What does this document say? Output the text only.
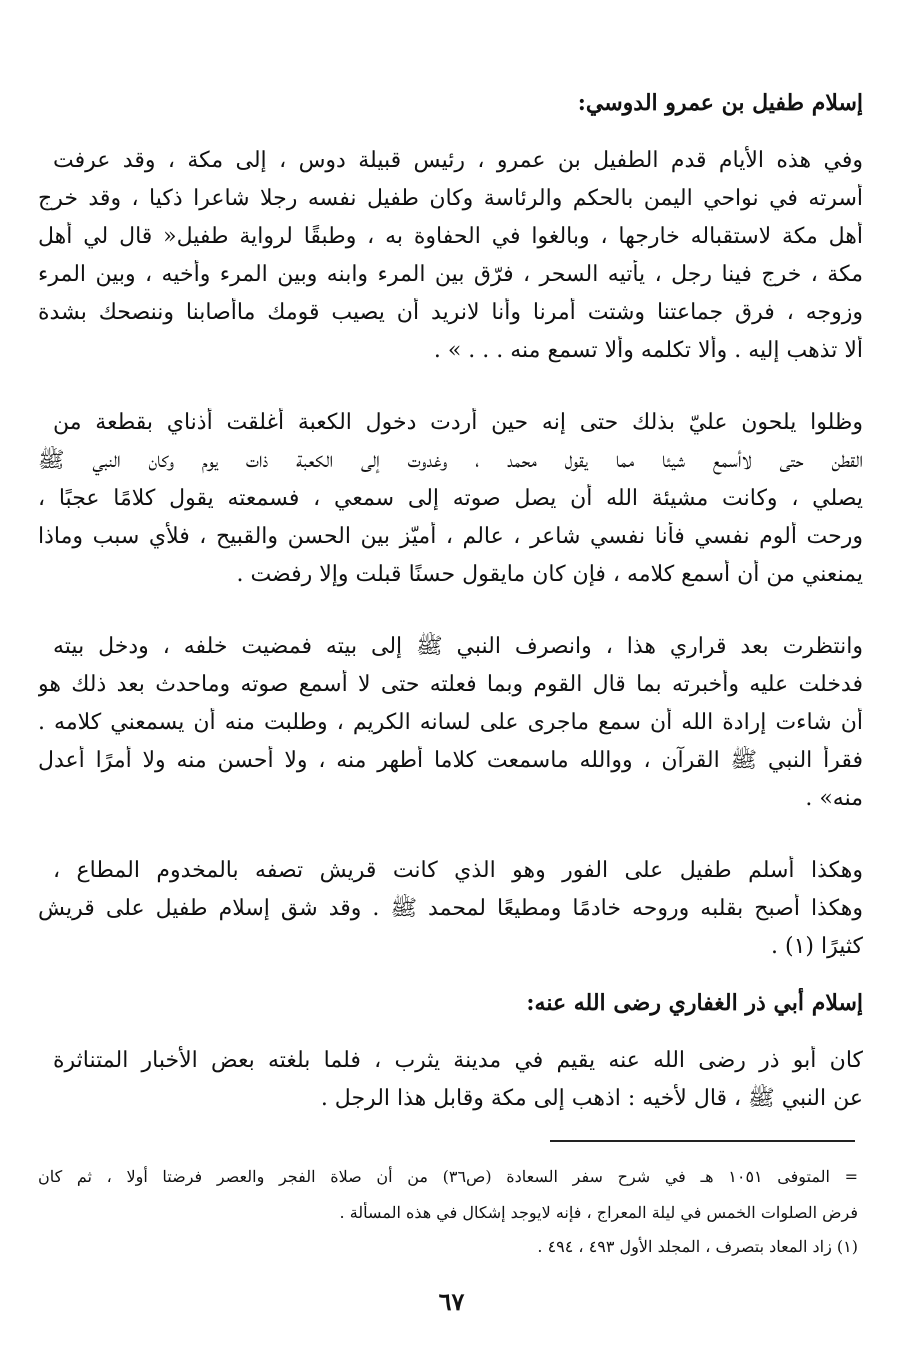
إسلام طفيل بن عمرو الدوسي:
وفي هذه الأيام قدم الطفيل بن عمرو ، رئيس قبيلة دوس ، إلى مكة ، وقد عرفت
أسرته في نواحي اليمن بالحكم والرئاسة وكان طفيل نفسه رجلا شاعرا ذكيا ، وقد خرج
أهل مكة لاستقباله خارجها ، وبالغوا في الحفاوة به ، وطبقًا لرواية طفيل« قال لي أهل
مكة ، خرج فينا رجل ، يأتيه السحر ، فرّق بين المرء وابنه وبين المرء وأخيه ، وبين المرء
وزوجه ، فرق جماعتنا وشتت أمرنا وأنا لانريد أن يصيب قومك ماأصابنا وننصحك بشدة
ألا تذهب إليه . وألا تكلمه وألا تسمع منه . . . » .
وظلوا يلحون عليّ بذلك حتى إنه حين أردت دخول الكعبة أغلقت أذناي بقطعة من
القطن حتى لاأسمع شيئا مما يقول محمد ، وغدوت إلى الكعبة ذات يوم وكان النبي ﷺ
يصلي ، وكانت مشيئة الله أن يصل صوته إلى سمعي ، فسمعته يقول كلامًا عجبًا ،
ورحت ألوم نفسي فأنا نفسي شاعر ، عالم ، أميّز بين الحسن والقبيح ، فلأي سبب وماذا
يمنعني من أن أسمع كلامه ، فإن كان مايقول حسنًا قبلت وإلا رفضت .
وانتظرت بعد قراري هذا ، وانصرف النبي ﷺ إلى بيته فمضيت خلفه ، ودخل بيته
فدخلت عليه وأخبرته بما قال القوم وبما فعلته حتى لا أسمع صوته وماحدث بعد ذلك هو
أن شاءت إرادة الله أن سمع ماجرى على لسانه الكريم ، وطلبت منه أن يسمعني كلامه .
فقرأ النبي ﷺ القرآن ، ووالله ماسمعت كلاما أطهر منه ، ولا أحسن منه ولا أمرًا أعدل
منه» .
وهكذا أسلم طفيل على الفور وهو الذي كانت قريش تصفه بالمخدوم المطاع ،
وهكذا أصبح بقلبه وروحه خادمًا ومطيعًا لمحمد ﷺ . وقد شق إسلام طفيل على قريش
كثيرًا (١) .
إسلام أبي ذر الغفاري رضى الله عنه:
كان أبو ذر رضى الله عنه يقيم في مدينة يثرب ، فلما بلغته بعض الأخبار المتناثرة
عن النبي ﷺ ، قال لأخيه : اذهب إلى مكة وقابل هذا الرجل .
= المتوفى ١٠٥١ هـ في شرح سفر السعادة (ص٣٦) من أن صلاة الفجر والعصر فرضتا أولا ، ثم كان
فرض الصلوات الخمس في ليلة المعراج ، فإنه لايوجد إشكال في هذه المسألة .
(١) زاد المعاد بتصرف ، المجلد الأول ٤٩٣ ، ٤٩٤ .
٦٧
